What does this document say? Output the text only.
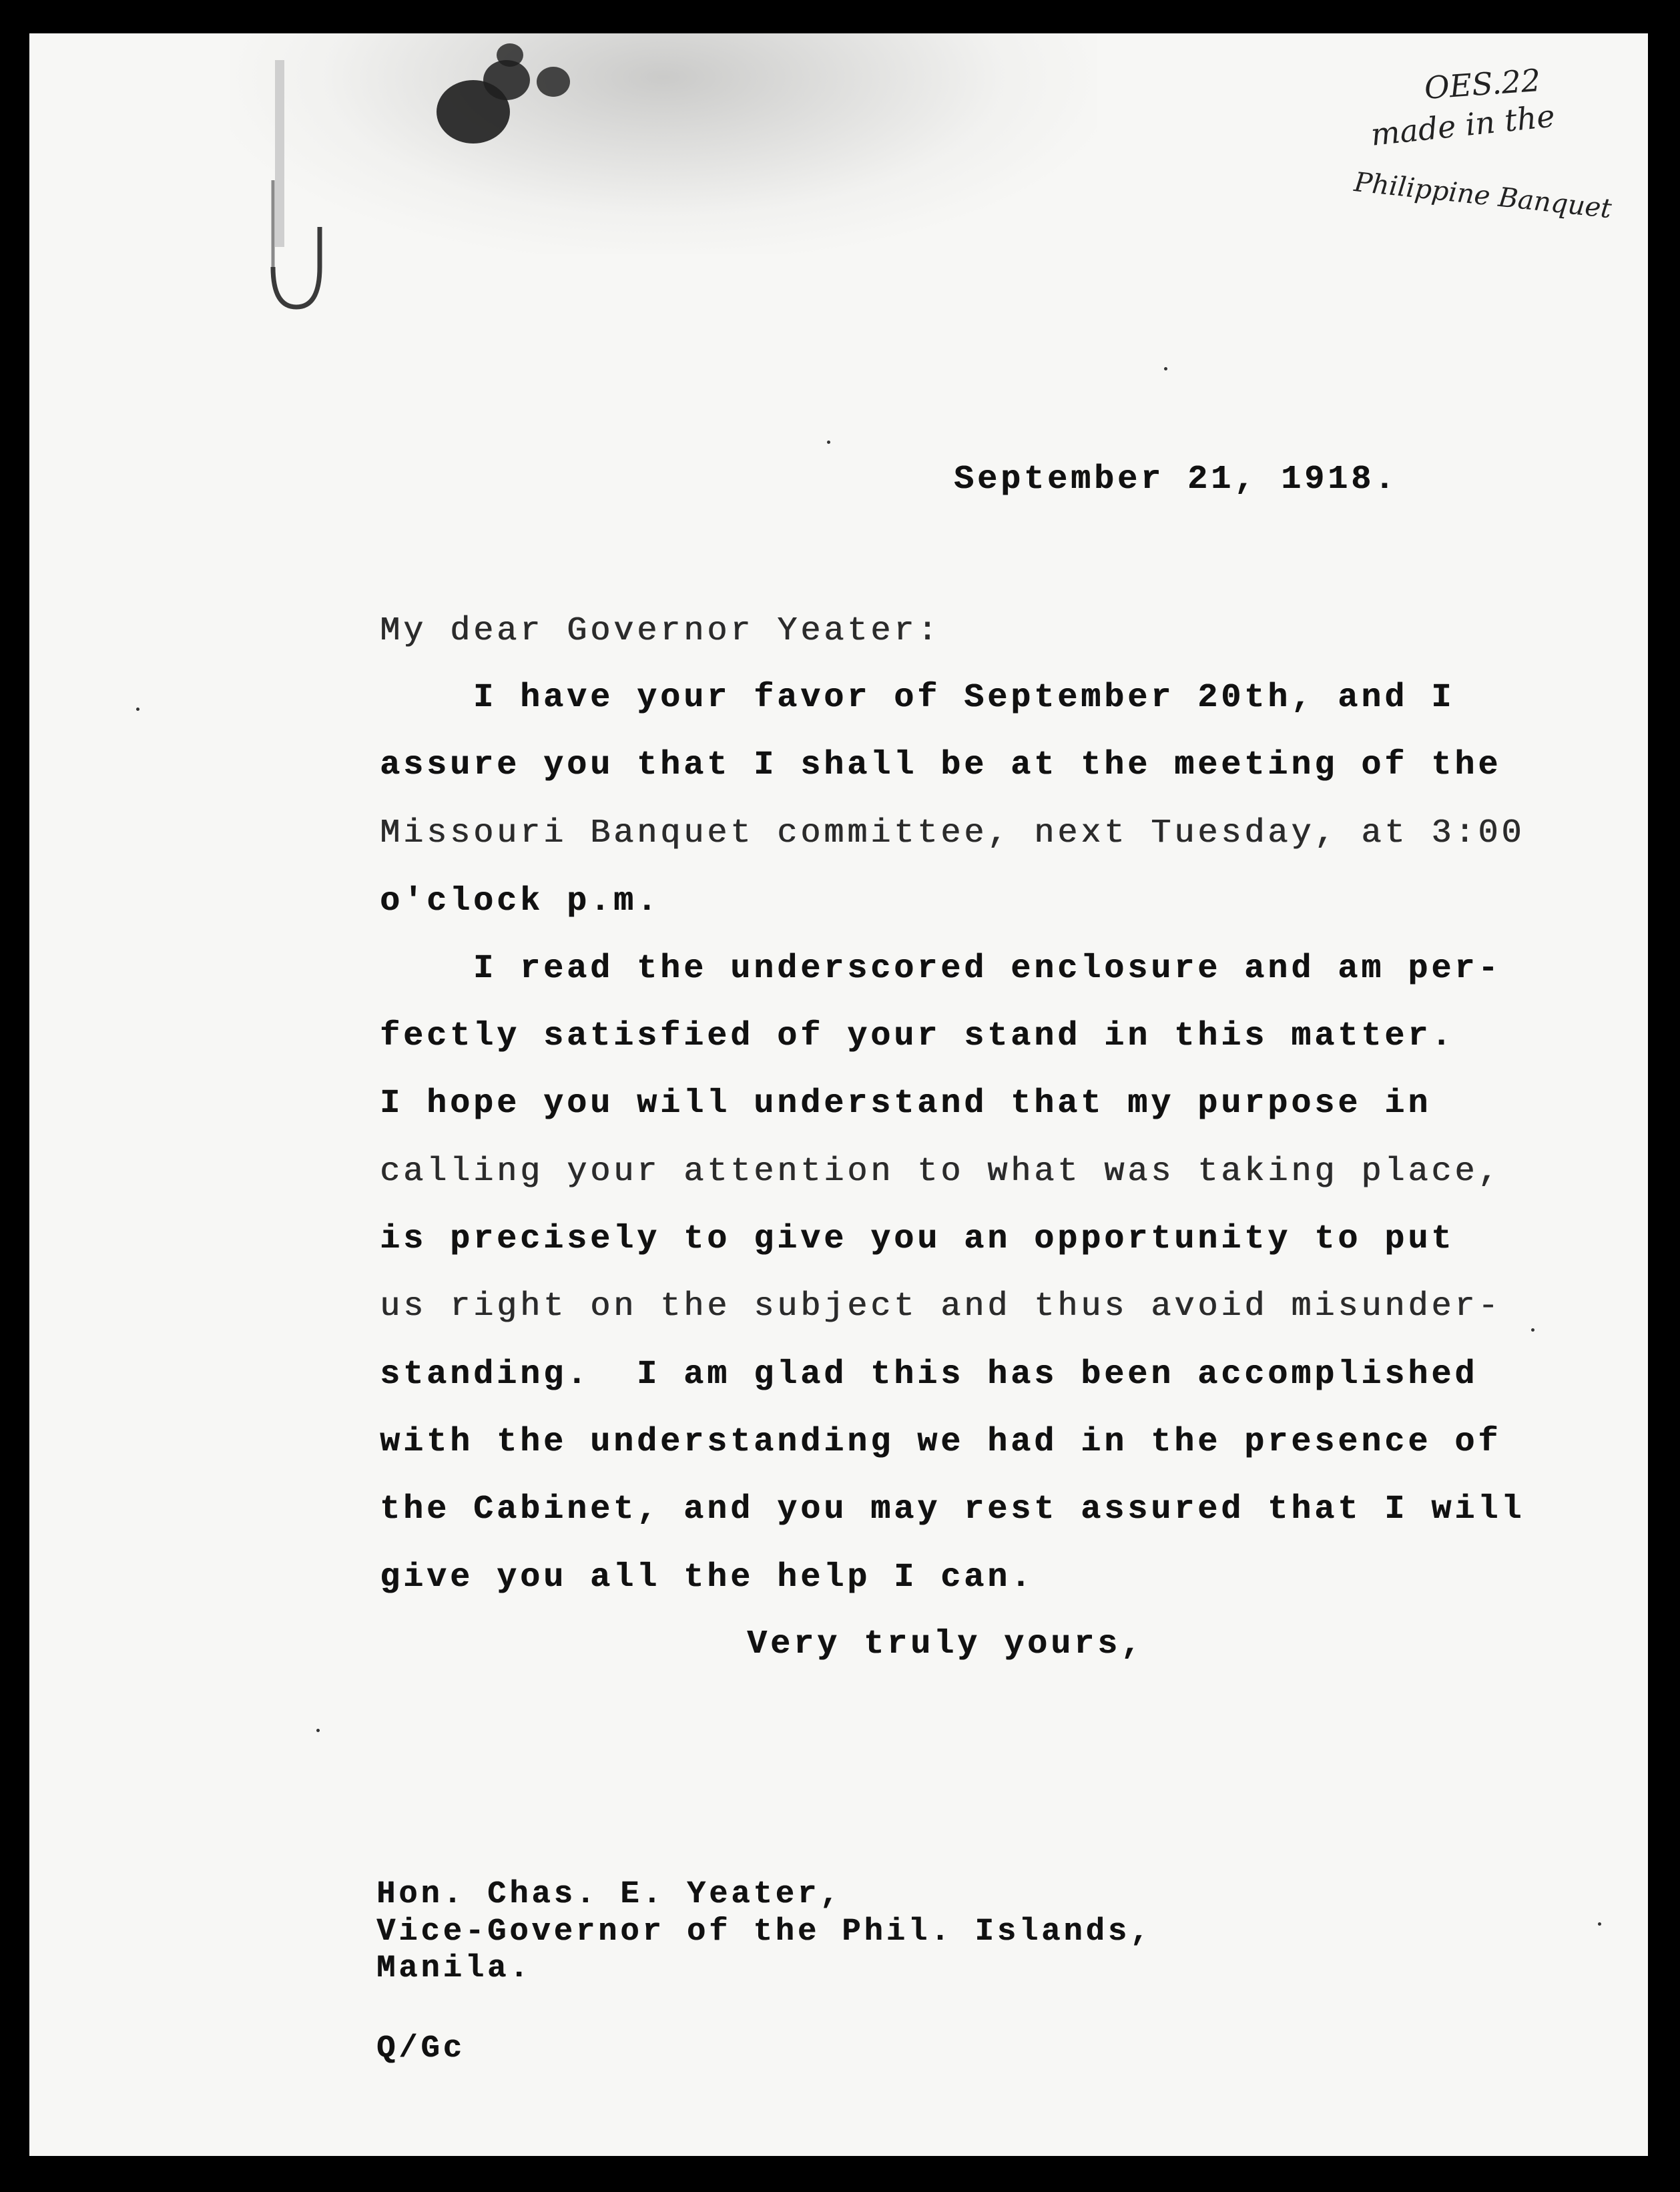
OES.22
made in the
Philippine Banquet
September 21, 1918.
My dear Governor Yeater:
I have your favor of September 20th, and I
assure you that I shall be at the meeting of the
Missouri Banquet committee, next Tuesday, at 3:00
o'clock p.m.
I read the underscored enclosure and am per-
fectly satisfied of your stand in this matter.
I hope you will understand that my purpose in
calling your attention to what was taking place,
is precisely to give you an opportunity to put
us right on the subject and thus avoid misunder-
standing.  I am glad this has been accomplished
with the understanding we had in the presence of
the Cabinet, and you may rest assured that I will
give you all the help I can.
Very truly yours,
Hon. Chas. E. Yeater,
Vice-Governor of the Phil. Islands,
Manila.
Q/Gc
